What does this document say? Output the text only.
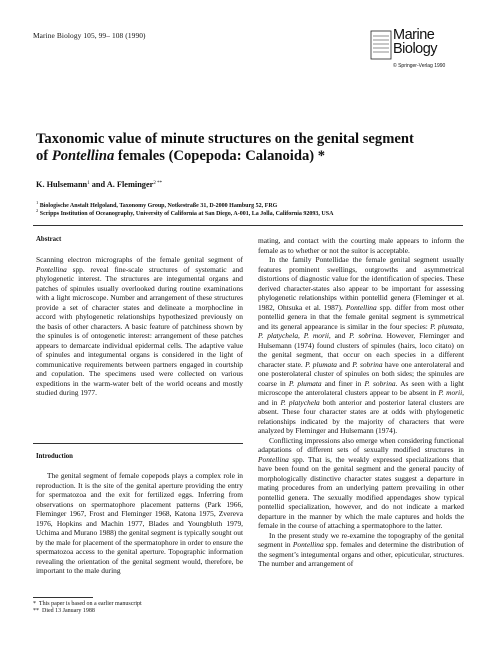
Marine Biology 105, 99– 108 (1990)	Marine
Biology
© Springer-Verlag 1990
Taxonomic value of minute structures on the genital segment
of Pontellina females (Copepoda: Calanoida) *
K. Hulsemann$^1$ and A. Fleminger$^{2 **}$
$^1$ Biologische Anstalt Helgoland, Taxonomy Group, Notkestraße 31, D-2000 Hamburg 52, FRG
$^2$ Scripps Institution of Oceanography, University of California at San Diego, A-001, La Jolla, California 92093, USA
Abstract

Scanning electron micrographs of the female genital segment of Pontellina spp. reveal fine-scale structures of systematic and phylogenetic interest. The structures are integumental organs and patches of spinules usually overlooked during routine examinations with a light microscope. Number and arrangement of these structures provide a set of character states and delineate a morphocline in accord with phylogenetic relationships hypothesized previously on the basis of other characters. A basic feature of patchiness shown by the spinules is of ontogenetic interest: arrangement of these patches appears to demarcate individual epidermal cells. The adaptive value of spinules and integumental organs is considered in the light of communicative requirements between partners engaged in courtship and copulation. The specimens used were collected on various expeditions in the warm-water belt of the world oceans and mostly studied during 1977.

Introduction

The genital segment of female copepods plays a complex role in reproduction. It is the site of the genital aperture providing the entry for spermatozoa and the exit for fertilized eggs. Inferring from observations on spermatophore placement patterns (Park 1966, Fleminger 1967, Frost and Fleminger 1968, Katona 1975, Zvereva 1976, Hopkins and Machin 1977, Blades and Youngbluth 1979, Uchima and Murano 1988) the genital segment is typically sought out by the male for placement of the spermatophore in order to ensure the spermatozoa access to the genital aperture. Topographic information revealing the orientation of the genital segment would, therefore, be important to the male during

mating, and contact with the courting male appears to inform the female as to whether or not the suitor is acceptable.

In the family Pontellidae the female genital segment usually features prominent swellings, outgrowths and asymmetrical distortions of diagnostic value for the identification of species. These derived character-states also appear to be important for assessing phylogenetic relationships within pontellid genera (Fleminger et al. 1982, Ohtsuka et al. 1987). Pontellina spp. differ from most other pontellid genera in that the female genital segment is symmetrical and its general appearance is similar in the four species: P. plumata, P. platychela, P. morii, and P. sobrina. However, Fleminger and Hulsemann (1974) found clusters of spinules (hairs, loco citato) on the genital segment, that occur on each species in a different character state. P. plumata and P. sobrina have one anterolateral and one posterolateral cluster of spinules on both sides; the spinules are coarse in P. plumata and finer in P. sobrina. As seen with a light microscope the anterolateral clusters appear to be absent in P. morii, and in P. platychela both anterior and posterior lateral clusters are absent. These four character states are at odds with phylogenetic relationships indicated by the majority of characters that were analyzed by Fleminger and Hulsemann (1974).

Conflicting impressions also emerge when considering functional adaptations of different sets of sexually modified structures in Pontellina spp. That is, the weakly expressed specializations that have been found on the genital segment and the general paucity of morphologically distinctive character states suggest a departure in mating procedures from an underlying pattern prevailing in other pontellid genera. The sexually modified appendages show typical pontellid specialization, however, and do not indicate a marked departure in the manner by which the male captures and holds the female in the course of attaching a spermatophore to the latter.

In the present study we re-examine the topography of the genital segment in Pontellina spp. females and determine the distribution of the segment’s integumental organs and other, epicuticular, structures. The number and arrangement of

* This paper is based on a earlier manuscript
** Died 13 January 1988
